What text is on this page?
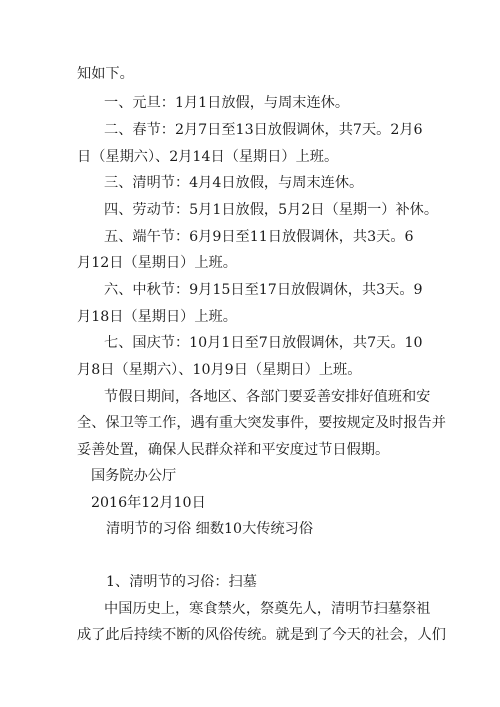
知如下。

一、元旦：1月1日放假，与周末连休。

二、春节：2月7日至13日放假调休，共7天。2月6

日（星期六）、2月14日（星期日）上班。

三、清明节：4月4日放假，与周末连休。

四、劳动节：5月1日放假，5月2日（星期一）补休。

五、端午节：6月9日至11日放假调休，共3天。6

月12日（星期日）上班。

六、中秋节：9月15日至17日放假调休，共3天。9

月18日（星期日）上班。

七、国庆节：10月1日至7日放假调休，共7天。10

月8日（星期六）、10月9日（星期日）上班。

节假日期间，各地区、各部门要妥善安排好值班和安

全、保卫等工作，遇有重大突发事件，要按规定及时报告并

妥善处置，确保人民群众祥和平安度过节日假期。

国务院办公厅

2016年12月10日

清明节的习俗 细数10大传统习俗

1、清明节的习俗：扫墓

中国历史上，寒食禁火，祭奠先人，清明节扫墓祭祖

成了此后持续不断的风俗传统。就是到了今天的社会，人们
